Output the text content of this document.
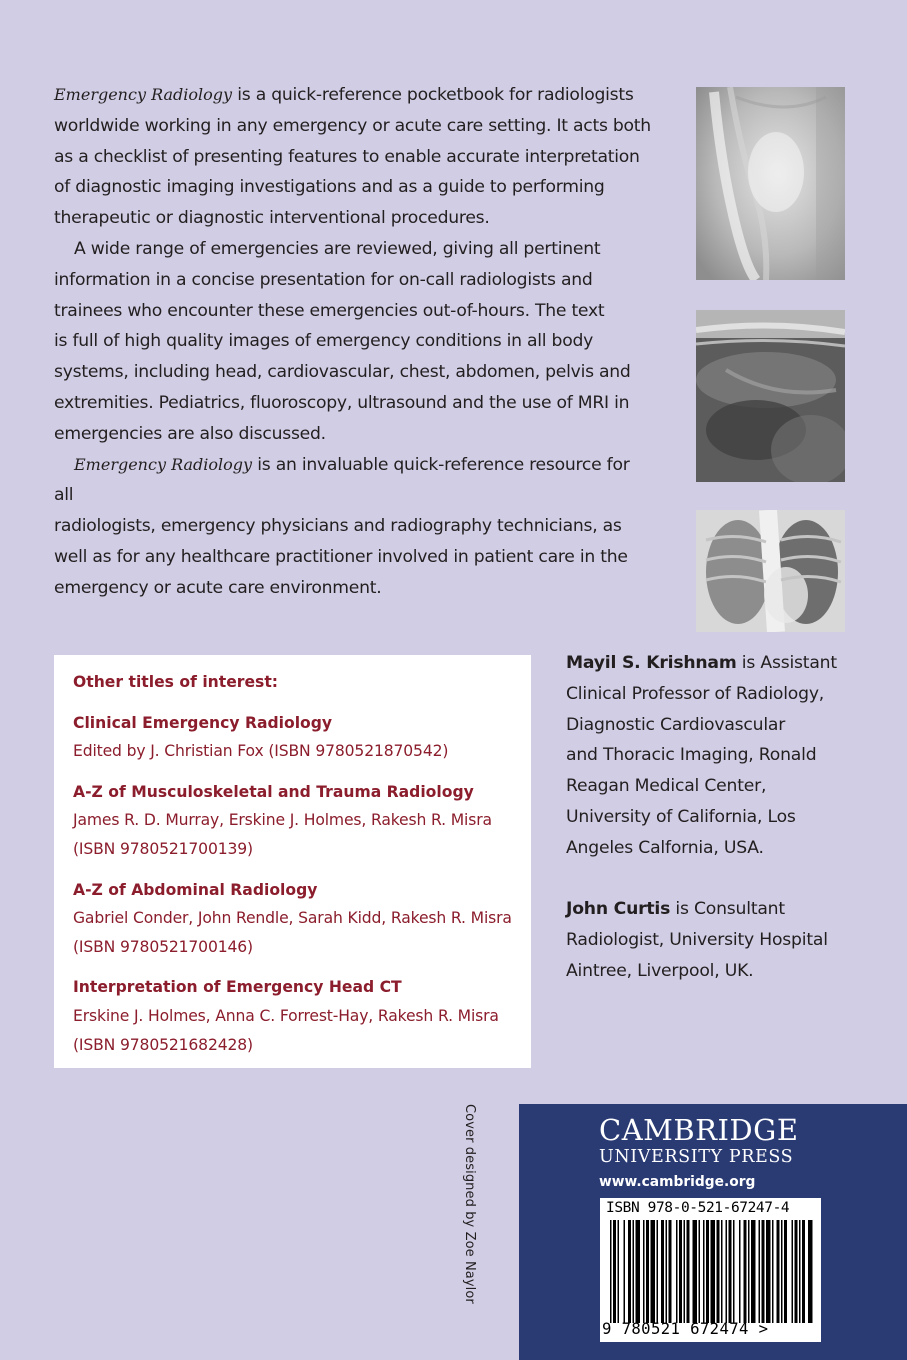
Emergency Radiology is a quick-reference pocketbook for radiologists
worldwide working in any emergency or acute care setting. It acts both
as a checklist of presenting features to enable accurate interpretation
of diagnostic imaging investigations and as a guide to performing
therapeutic or diagnostic interventional procedures.

A wide range of emergencies are reviewed, giving all pertinent
information in a concise presentation for on-call radiologists and
trainees who encounter these emergencies out-of-hours. The text
is full of high quality images of emergency conditions in all body
systems, including head, cardiovascular, chest, abdomen, pelvis and
extremities. Pediatrics, fluoroscopy, ultrasound and the use of MRI in
emergencies are also discussed.

Emergency Radiology is an invaluable quick-reference resource for all
radiologists, emergency physicians and radiography technicians, as
well as for any healthcare practitioner involved in patient care in the
emergency or acute care environment.

Other titles of interest:
Clinical Emergency Radiology
Edited by J. Christian Fox (ISBN 9780521870542)
A-Z of Musculoskeletal and Trauma Radiology
James R. D. Murray, Erskine J. Holmes, Rakesh R. Misra
(ISBN 9780521700139)
A-Z of Abdominal Radiology
Gabriel Conder, John Rendle, Sarah Kidd, Rakesh R. Misra
(ISBN 9780521700146)
Interpretation of Emergency Head CT
Erskine J. Holmes, Anna C. Forrest-Hay, Rakesh R. Misra
(ISBN 9780521682428)
Mayil S. Krishnam is Assistant
Clinical Professor of Radiology,
Diagnostic Cardiovascular
and Thoracic Imaging, Ronald
Reagan Medical Center,
University of California, Los
Angeles Calfornia, USA.
John Curtis is Consultant
Radiologist, University Hospital
Aintree, Liverpool, UK.
Cover designed by Zoe Naylor	CAMBRIDGE
UNIVERSITY PRESS
www.cambridge.org
ISBN 978-0-521-67247-4
9 780521 672474 >
